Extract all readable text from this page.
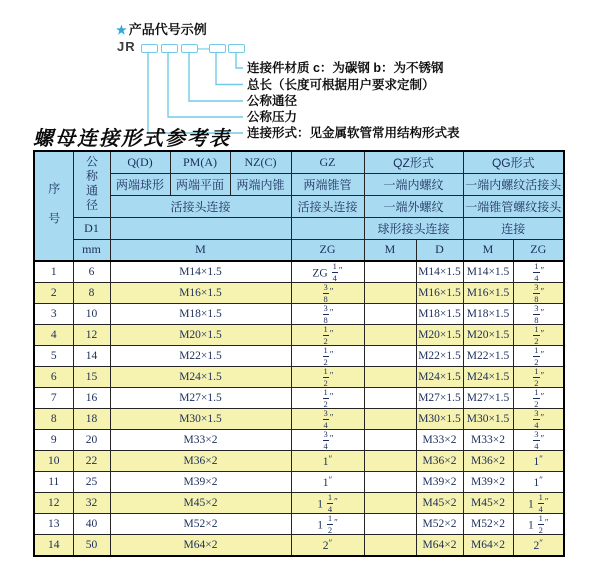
★ 产品代号示例
JR	—
连接件材质 c：为碳钢 b：为不锈钢
总长（长度可根据用户要求定制）
公称通径
公称压力
连接形式：见金属软管常用结构形式表
螺母连接形式参考表
序号	公称通径	Q(D)	PM(A)	NZ(C)	GZ	QZ形式		QG形式	
		两端球形	两端平面	两端内锥	两端锥管	一端内螺纹		一端内螺纹活接头	
		活接头连接			活接头连接	一端外螺纹		一端锥管螺纹接头	
	D1					球形接头连接		连接	
	mm	M			ZG	M	D	M	ZG
1	6	M14×1.5			ZG $\frac{1}{4} ''$		M14×1.5	M14×1.5	$\frac{1}{4} ''$
2	8	M16×1.5			$\frac{3}{8} ''$		M16×1.5	M16×1.5	$\frac{3}{8} ''$
3	10	M18×1.5			$\frac{3}{8} ''$		M18×1.5	M18×1.5	$\frac{3}{8} ''$
4	12	M20×1.5			$\frac{1}{2} ''$		M20×1.5	M20×1.5	$\frac{1}{2} ''$
5	14	M22×1.5			$\frac{1}{2} ''$		M22×1.5	M22×1.5	$\frac{1}{2} ''$
6	15	M24×1.5			$\frac{1}{2} ''$		M24×1.5	M24×1.5	$\frac{1}{2} ''$
7	16	M27×1.5			$\frac{1}{2} ''$		M27×1.5	M27×1.5	$\frac{1}{2} ''$
8	18	M30×1.5			$\frac{3}{4} ''$		M30×1.5	M30×1.5	$\frac{3}{4} ''$
9	20	M33×2			$\frac{3}{4} ''$		M33×2	M33×2	$\frac{3}{4} ''$
10	22	M36×2			1″		M36×2	M36×2	1″
11	25	M39×2			1″		M39×2	M39×2	1″
12	32	M45×2			$1 \frac{1}{4} ''$		M45×2	M45×2	$1 \frac{1}{4} ''$
13	40	M52×2			$1 \frac{1}{2} ''$		M52×2	M52×2	$1 \frac{1}{2} ''$
14	50	M64×2			2″		M64×2	M64×2	2″
